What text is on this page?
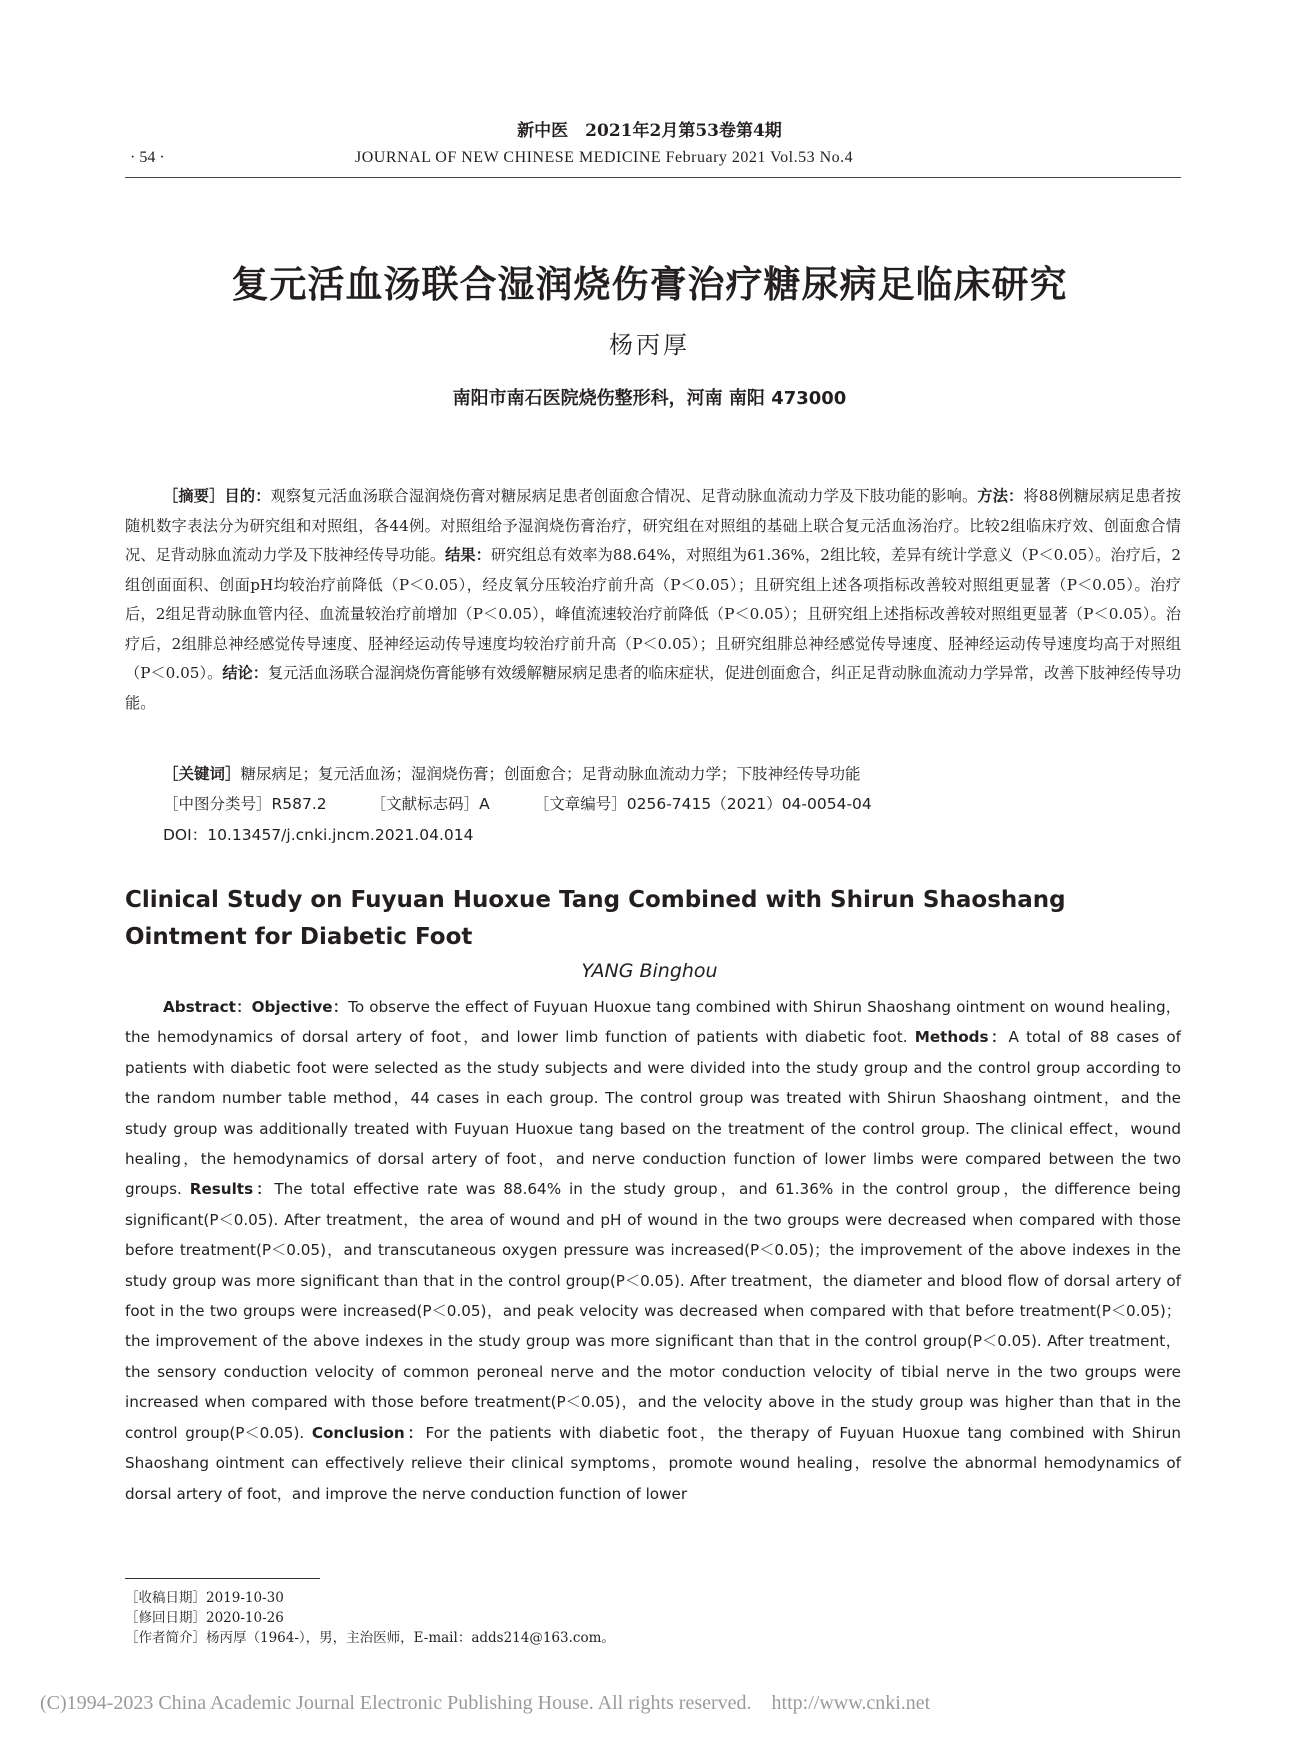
新中医　2021年2月第53卷第4期
· 54 ·	JOURNAL OF NEW CHINESE MEDICINE February 2021 Vol.53 No.4
复元活血汤联合湿润烧伤膏治疗糖尿病足临床研究
杨丙厚
南阳市南石医院烧伤整形科，河南 南阳 473000

［摘要］目的：观察复元活血汤联合湿润烧伤膏对糖尿病足患者创面愈合情况、足背动脉血流动力学及下肢功能的影响。方法：将88例糖尿病足患者按随机数字表法分为研究组和对照组，各44例。对照组给予湿润烧伤膏治疗，研究组在对照组的基础上联合复元活血汤治疗。比较2组临床疗效、创面愈合情况、足背动脉血流动力学及下肢神经传导功能。结果：研究组总有效率为88.64%，对照组为61.36%，2组比较，差异有统计学意义（P＜0.05）。治疗后，2组创面面积、创面pH均较治疗前降低（P＜0.05），经皮氧分压较治疗前升高（P＜0.05）；且研究组上述各项指标改善较对照组更显著（P＜0.05）。治疗后，2组足背动脉血管内径、血流量较治疗前增加（P＜0.05），峰值流速较治疗前降低（P＜0.05）；且研究组上述指标改善较对照组更显著（P＜0.05）。治疗后，2组腓总神经感觉传导速度、胫神经运动传导速度均较治疗前升高（P＜0.05）；且研究组腓总神经感觉传导速度、胫神经运动传导速度均高于对照组（P＜0.05）。结论：复元活血汤联合湿润烧伤膏能够有效缓解糖尿病足患者的临床症状，促进创面愈合，纠正足背动脉血流动力学异常，改善下肢神经传导功能。

［关键词］糖尿病足；复元活血汤；湿润烧伤膏；创面愈合；足背动脉血流动力学；下肢神经传导功能
［中图分类号］R587.2	［文献标志码］A	［文章编号］0256-7415（2021）04-0054-04
DOI：10.13457/j.cnki.jncm.2021.04.014

Clinical Study on Fuyuan Huoxue Tang Combined with Shirun Shaoshang Ointment for Diabetic Foot

YANG Binghou

Abstract：Objective：To observe the effect of Fuyuan Huoxue tang combined with Shirun Shaoshang ointment on wound healing，the hemodynamics of dorsal artery of foot，and lower limb function of patients with diabetic foot. Methods：A total of 88 cases of patients with diabetic foot were selected as the study subjects and were divided into the study group and the control group according to the random number table method，44 cases in each group. The control group was treated with Shirun Shaoshang ointment，and the study group was additionally treated with Fuyuan Huoxue tang based on the treatment of the control group. The clinical effect，wound healing，the hemodynamics of dorsal artery of foot，and nerve conduction function of lower limbs were compared between the two groups. Results：The total effective rate was 88.64% in the study group，and 61.36% in the control group，the difference being significant(P＜0.05). After treatment，the area of wound and pH of wound in the two groups were decreased when compared with those before treatment(P＜0.05)，and transcutaneous oxygen pressure was increased(P＜0.05)；the improvement of the above indexes in the study group was more significant than that in the control group(P＜0.05). After treatment，the diameter and blood flow of dorsal artery of foot in the two groups were increased(P＜0.05)，and peak velocity was decreased when compared with that before treatment(P＜0.05)；the improvement of the above indexes in the study group was more significant than that in the control group(P＜0.05). After treatment，the sensory conduction velocity of common peroneal nerve and the motor conduction velocity of tibial nerve in the two groups were increased when compared with those before treatment(P＜0.05)，and the velocity above in the study group was higher than that in the control group(P＜0.05). Conclusion：For the patients with diabetic foot，the therapy of Fuyuan Huoxue tang combined with Shirun Shaoshang ointment can effectively relieve their clinical symptoms，promote wound healing，resolve the abnormal hemodynamics of dorsal artery of foot，and improve the nerve conduction function of lower

［收稿日期］2019-10-30
［修回日期］2020-10-26
［作者简介］杨丙厚（1964-），男，主治医师，E-mail：adds214@163.com。
(C)1994-2023 China Academic Journal Electronic Publishing House. All rights reserved.    http://www.cnki.net
